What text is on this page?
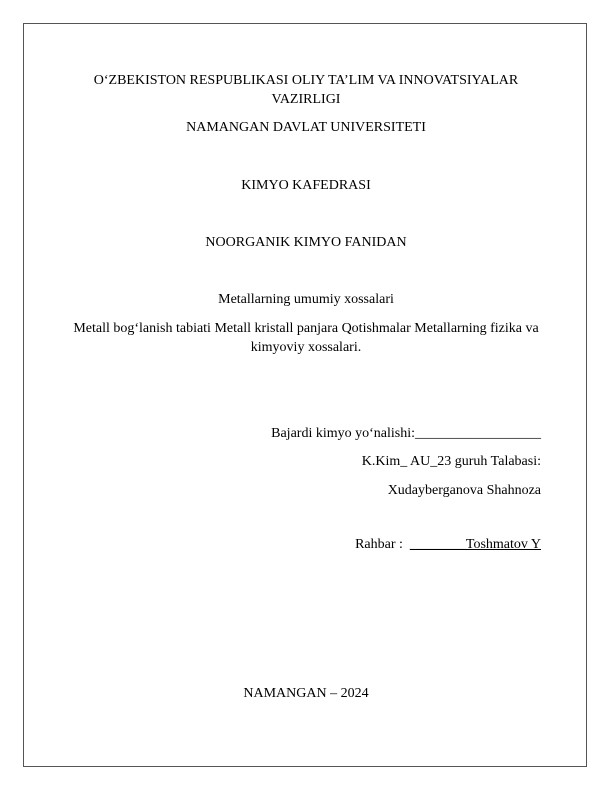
O‘ZBEKISTON RESPUBLIKASI OLIY TA’LIM VA INNOVATSIYALAR VAZIRLIGI
NAMANGAN DAVLAT UNIVERSITETI
KIMYO KAFEDRASI
NOORGANIK KIMYO FANIDAN
Metallarning umumiy xossalari
Metall bog‘lanish tabiati Metall kristall panjara Qotishmalar Metallarning fizika va kimyoviy xossalari.
Bajardi kimyo yo‘nalishi:__________________
K.Kim_ AU_23 guruh Talabasi:
Xudayberganova Shahnoza
Rahbar : ________Toshmatov Y
NAMANGAN – 2024
